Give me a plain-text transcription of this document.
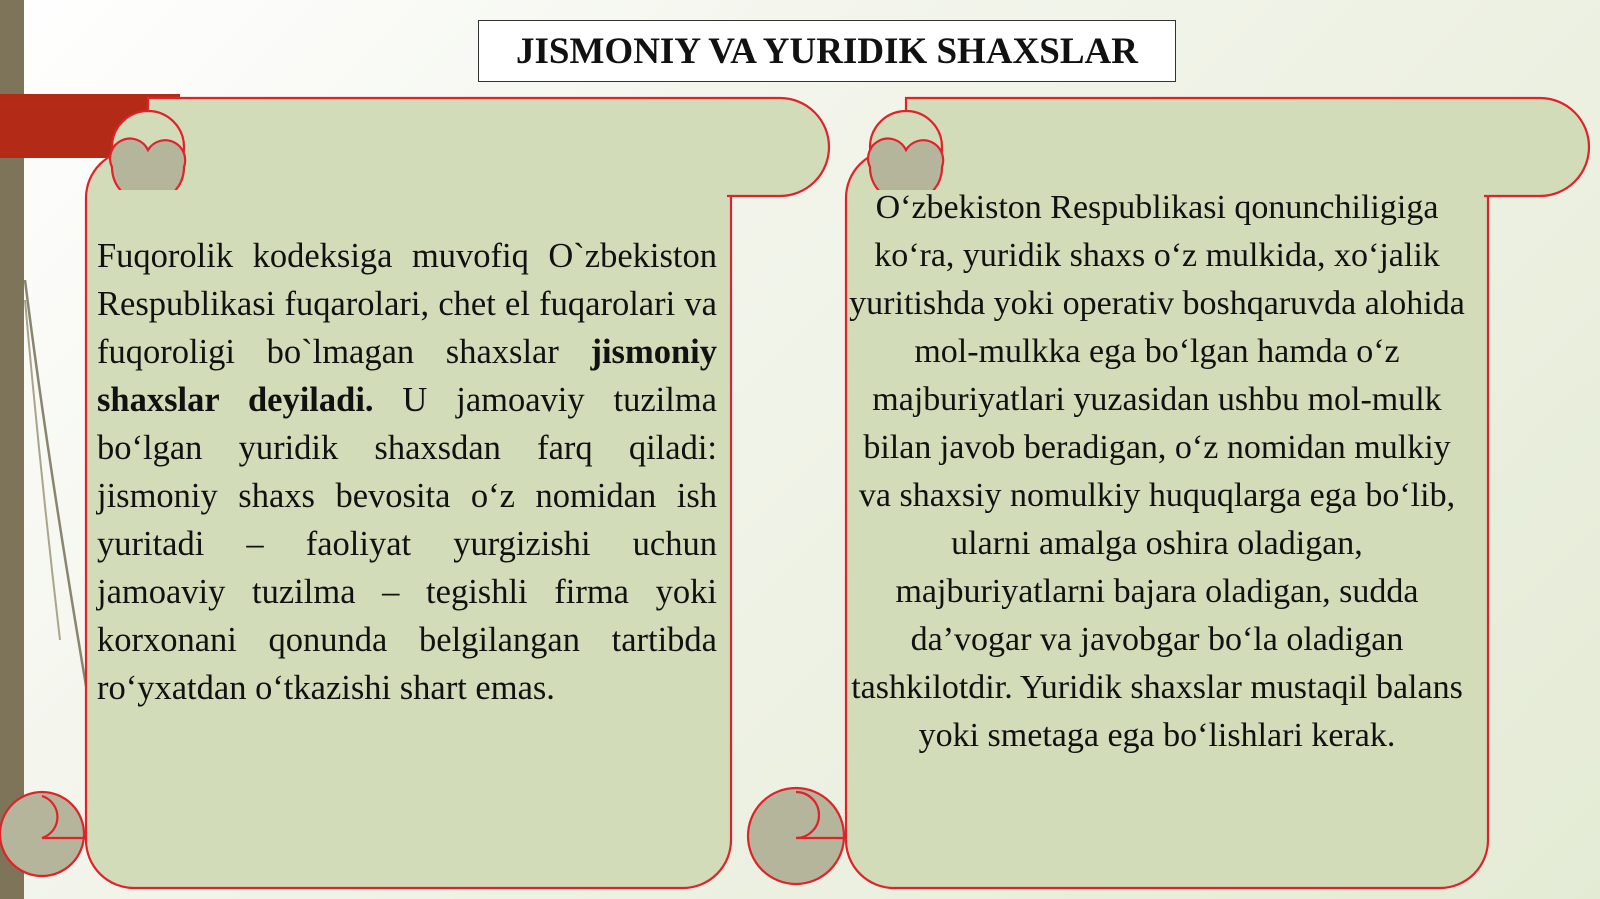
JISMONIY VA YURIDIK SHAXSLAR
Fuqorolik kodeksiga muvofiq O`zbekiston Respublikasi fuqarolari, chet el fuqarolari va fuqoroligi bo`lmagan shaxslar jismoniy shaxslar deyiladi. U jamoaviy tuzilma bo‘lgan yuridik shaxsdan farq qiladi: jismoniy shaxs bevosita o‘z nomidan ish yuritadi – faoliyat yurgizishi uchun jamoaviy tuzilma – tegishli firma yoki korxonani qonunda belgilangan tartibda ro‘yxatdan o‘tkazishi shart emas.
O‘zbekiston Respublikasi qonunchiligiga ko‘ra, yuridik shaxs o‘z mulkida, xo‘jalik yuritishda yoki operativ boshqaruvda alohida mol-mulkka ega bo‘lgan hamda o‘z majburiyatlari yuzasidan ushbu mol-mulk bilan javob beradigan, o‘z nomidan mulkiy va shaxsiy nomulkiy huquqlarga ega bo‘lib, ularni amalga oshira oladigan, majburiyatlarni bajara oladigan, sudda da’vogar va javobgar bo‘la oladigan tashkilotdir. Yuridik shaxslar mustaqil balans yoki smetaga ega bo‘lishlari kerak.
